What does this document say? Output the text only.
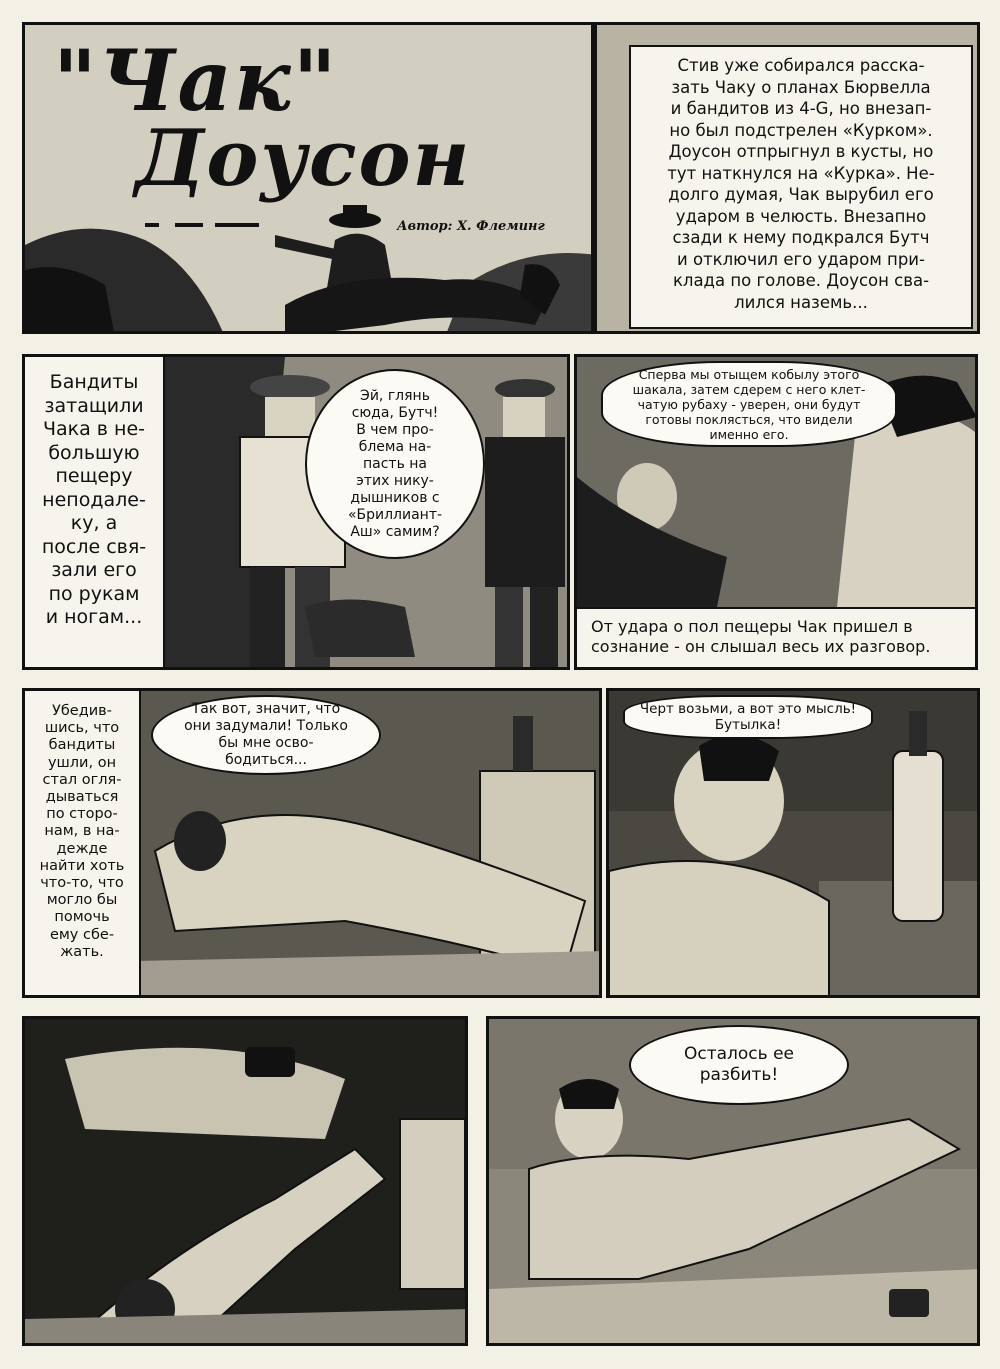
"Чак"
Доусон
Автор: Х. Флеминг
Стив уже собирался расска-
зать Чаку о планах Бюрвелла
и бандитов из 4-G, но внезап-
но был подстрелен «Курком».
Доусон отпрыгнул в кусты, но
тут наткнулся на «Курка». Не-
долго думая, Чак вырубил его
ударом в челюсть. Внезапно
сзади к нему подкрался Бутч
и отключил его ударом при-
клада по голове. Доусон сва-
лился наземь...
Бандиты
затащили
Чака в не-
большую
пещеру
неподале-
ку, а
после свя-
зали его
по рукам
и ногам...
Эй, глянь
сюда, Бутч!
В чем про-
блема на-
пасть на
этих нику-
дышников с
«Бриллиант-
Аш» самим?
Сперва мы отыщем кобылу этого
шакала, затем сдерем с него клет-
чатую рубаху - уверен, они будут
готовы поклясться, что видели
именно его.
От удара о пол пещеры Чак пришел в
сознание - он слышал весь их разговор.
Убедив-
шись, что
бандиты
ушли, он
стал огля-
дываться
по сторо-
нам, в на-
дежде
найти хоть
что-то, что
могло бы
помочь
ему сбе-
жать.
Так вот, значит, что
они задумали! Только
бы мне осво-
бодиться...
Черт возьми, а вот это мысль!
Бутылка!
Осталось ее
разбить!
